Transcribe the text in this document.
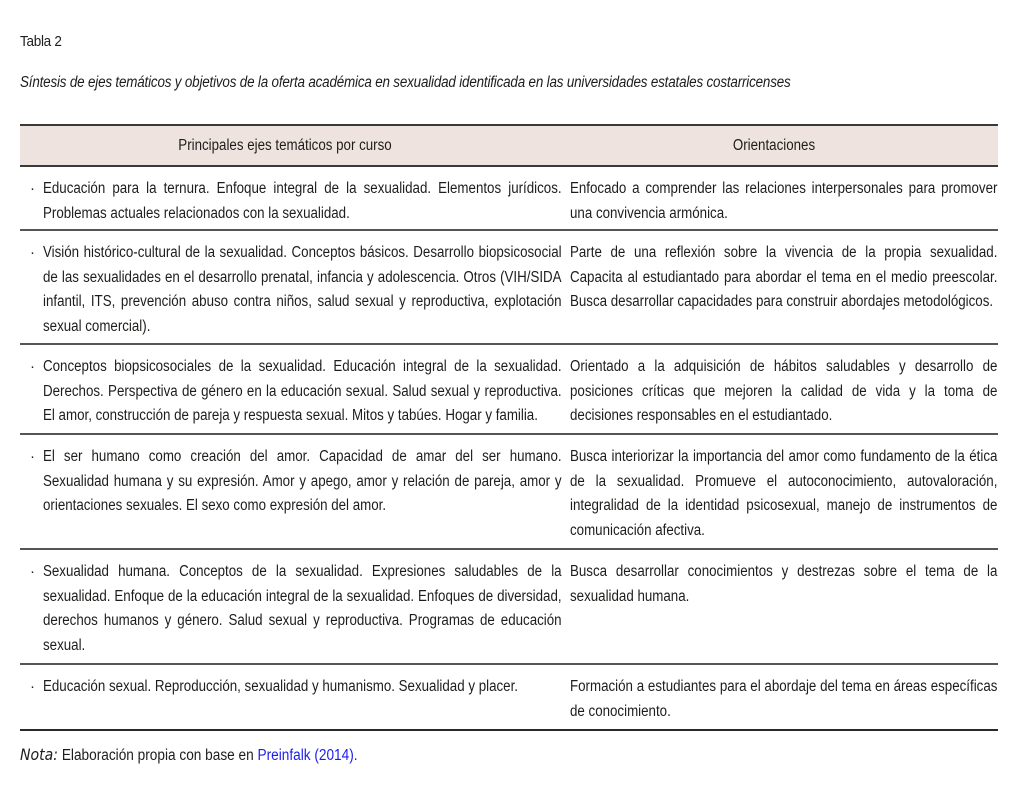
Tabla 2
Síntesis de ejes temáticos y objetivos de la oferta académica en sexualidad identificada en las universidades estatales costarricenses
Principales ejes temáticos por curso	Orientaciones
· Educación para la ternura. Enfoque integral de la sexualidad. Elementos jurídicos. Problemas actuales relacionados con la sexualidad.
Enfocado a comprender las relaciones interpersonales para promover una convivencia armónica.
· Visión histórico-cultural de la sexualidad. Conceptos básicos. Desarrollo biopsicosocial de las sexualidades en el desarrollo prenatal, infancia y adolescencia. Otros (VIH/SIDA infantil, ITS, prevención abuso contra niños, salud sexual y reproductiva, explotación sexual comercial).
Parte de una reflexión sobre la vivencia de la propia sexualidad. Capacita al estudiantado para abordar el tema en el medio preescolar. Busca desarrollar capacidades para construir abordajes metodológicos.
· Conceptos biopsicosociales de la sexualidad. Educación integral de la sexualidad. Derechos. Perspectiva de género en la educación sexual. Salud sexual y reproductiva. El amor, construcción de pareja y respuesta sexual. Mitos y tabúes. Hogar y familia.
Orientado a la adquisición de hábitos saludables y desarrollo de posiciones críticas que mejoren la calidad de vida y la toma de decisiones responsables en el estudiantado.
· El ser humano como creación del amor. Capacidad de amar del ser humano. Sexualidad humana y su expresión. Amor y apego, amor y relación de pareja, amor y orientaciones sexuales. El sexo como expresión del amor.
Busca interiorizar la importancia del amor como fundamento de la ética de la sexualidad. Promueve el autoconocimiento, autovaloración, integralidad de la identidad psicosexual, manejo de instrumentos de comunicación afectiva.
· Sexualidad humana. Conceptos de la sexualidad. Expresiones saludables de la sexualidad. Enfoque de la educación integral de la sexualidad. Enfoques de diversidad, derechos humanos y género. Salud sexual y reproductiva. Programas de educación sexual.
Busca desarrollar conocimientos y destrezas sobre el tema de la sexualidad humana.
· Educación sexual. Reproducción, sexualidad y humanismo. Sexualidad y placer.	Formación a estudiantes para el abordaje del tema en áreas específicas de conocimiento.
Nota: Elaboración propia con base en Preinfalk (2014).
